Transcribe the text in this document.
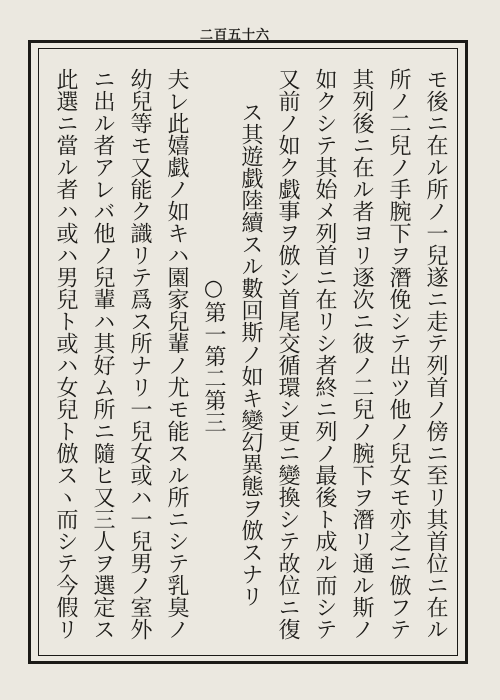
二百五十六
モ後ニ在ル所ノ一兒遂ニ走テ列首ノ傍ニ至リ其首位ニ在ル
所ノ二兒ノ手腕下ヲ潛俛シテ出ツ他ノ兒女モ亦之ニ倣フテ
其列後ニ在ル者ヨリ逐次ニ彼ノ二兒ノ腕下ヲ潛リ通ル斯ノ
如クシテ其始メ列首ニ在リシ者終ニ列ノ最後ト成ル而シテ
又前ノ如ク戯事ヲ倣シ首尾交循環シ更ニ變換シテ故位ニ復
ス其遊戯陸續スル數回斯ノ如キ變幻異態ヲ倣スナリ
○第一第二第三
夫レ此嬉戯ノ如キハ園家兒輩ノ尤モ能スル所ニシテ乳臭ノ
幼兒等モ又能ク識リテ爲ス所ナリ一兒女或ハ一兒男ノ室外
ニ出ル者アレバ他ノ兒輩ハ其好ム所ニ隨ヒ又三人ヲ選定ス
此選ニ當ル者ハ或ハ男兒ト或ハ女兒ト倣スヽ而シテ今假リ
